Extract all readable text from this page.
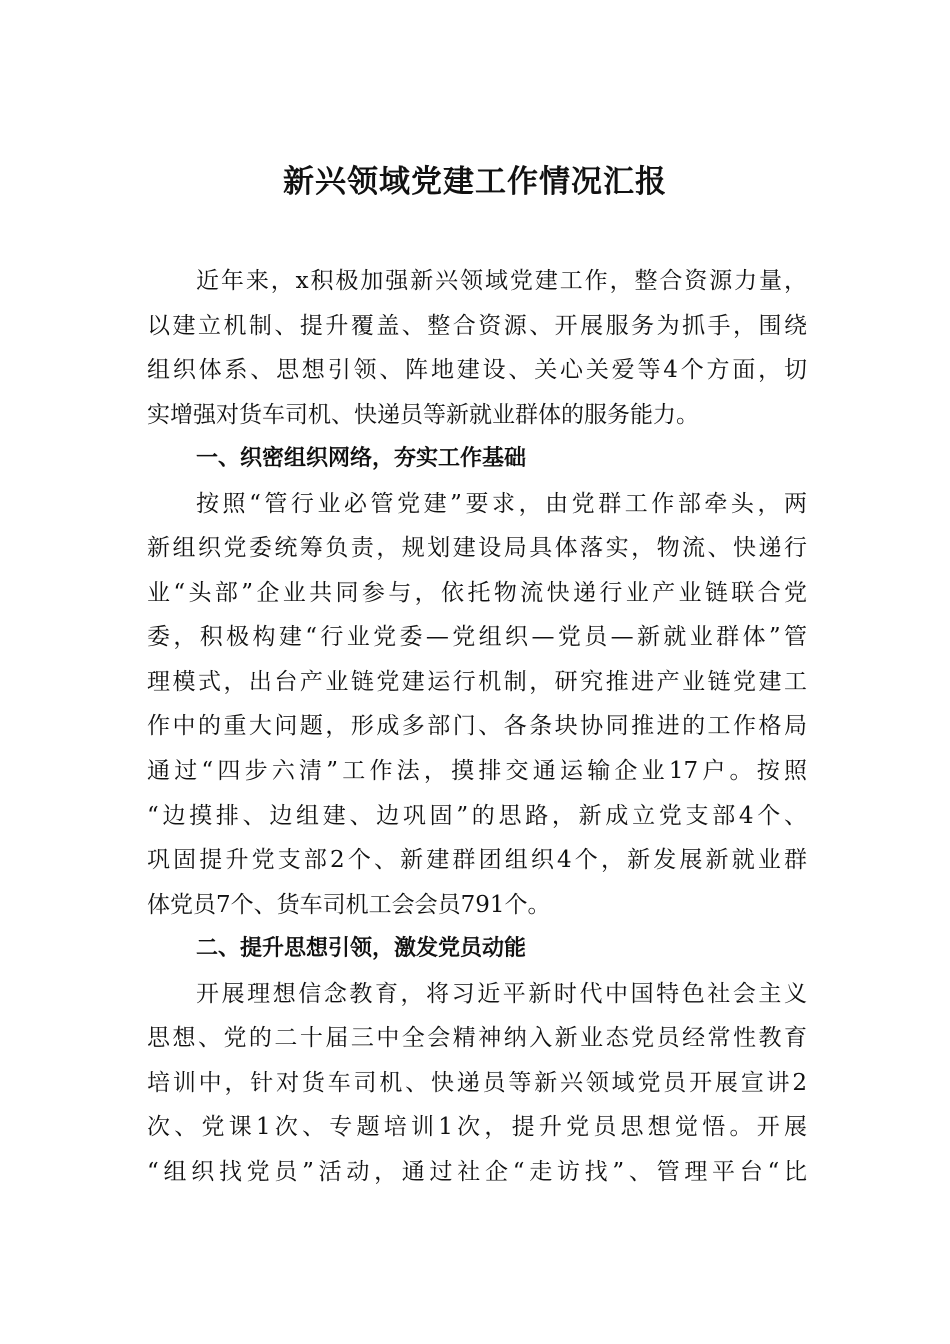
新兴领域党建工作情况汇报

近年来，x积极加强新兴领域党建工作，整合资源力量，

以建立机制、提升覆盖、整合资源、开展服务为抓手，围绕

组织体系、思想引领、阵地建设、关心关爱等4个方面，切

实增强对货车司机、快递员等新就业群体的服务能力。

一、织密组织网络，夯实工作基础

按照“管行业必管党建”要求，由党群工作部牵头，两

新组织党委统筹负责，规划建设局具体落实，物流、快递行

业“头部”企业共同参与，依托物流快递行业产业链联合党

委，积极构建“行业党委—党组织—党员—新就业群体”管

理模式，出台产业链党建运行机制，研究推进产业链党建工

作中的重大问题，形成多部门、各条块协同推进的工作格局

通过“四步六清”工作法，摸排交通运输企业17户。按照

“边摸排、边组建、边巩固”的思路，新成立党支部4个、

巩固提升党支部2个、新建群团组织4个，新发展新就业群

体党员7个、货车司机工会会员791个。

二、提升思想引领，激发党员动能

开展理想信念教育，将习近平新时代中国特色社会主义

思想、党的二十届三中全会精神纳入新业态党员经常性教育

培训中，针对货车司机、快递员等新兴领域党员开展宣讲2

次、党课1次、专题培训1次，提升党员思想觉悟。开展

“组织找党员”活动，通过社企“走访找”、管理平台“比
